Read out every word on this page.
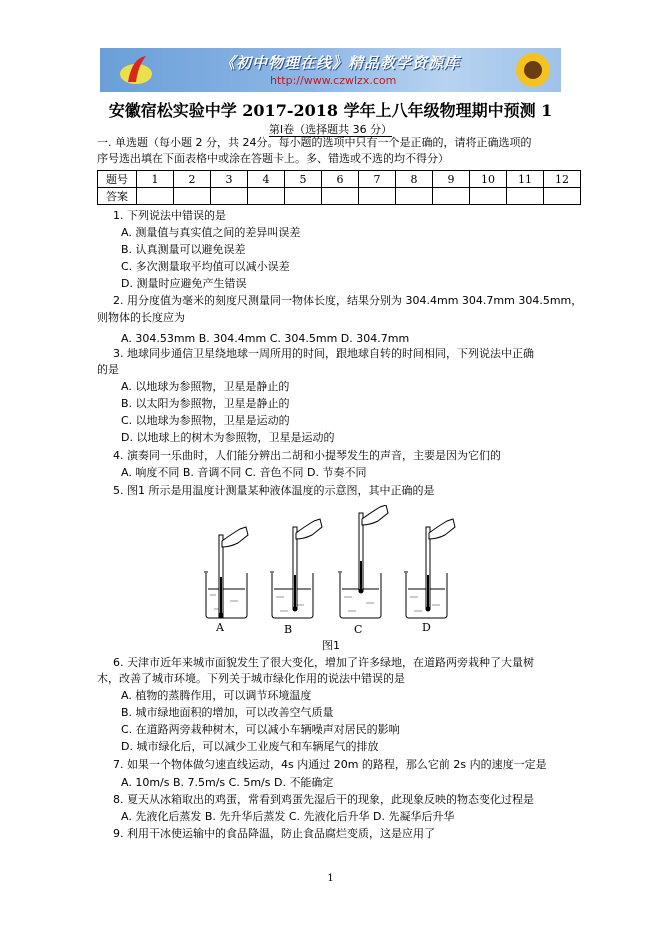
《初中物理在线》精品教学资源库
http://www.czwlzx.com
安徽宿松实验中学 2017-2018 学年上八年级物理期中预测 1
第Ⅰ卷（选择题共 36 分）
一. 单选题（每小题 2 分，共 24分。每小题的选项中只有一个是正确的，请将正确选项的
序号选出填在下面表格中或涂在答题卡上。多、错选或不选的均不得分）
题号	1	2	3	4	5	6	7	8	9	10	11	12
答案												
1. 下列说法中错误的是
A. 测量值与真实值之间的差异叫误差
B. 认真测量可以避免误差
C. 多次测量取平均值可以减小误差
D. 测量时应避免产生错误
2. 用分度值为毫米的刻度尺测量同一物体长度，结果分别为 304.4mm 304.7mm 304.5mm，
则物体的长度应为
A. 304.53mm B. 304.4mm C. 304.5mm D. 304.7mm
3. 地球同步通信卫星绕地球一周所用的时间，跟地球自转的时间相同，下列说法中正确
的是
A. 以地球为参照物，卫星是静止的
B. 以太阳为参照物，卫星是静止的
C. 以地球为参照物，卫星是运动的
D. 以地球上的树木为参照物，卫星是运动的
4. 演奏同一乐曲时，人们能分辨出二胡和小提琴发生的声音，主要是因为它们的
A. 响度不同 B. 音调不同 C. 音色不同 D. 节奏不同
5. 图1 所示是用温度计测量某种液体温度的示意图，其中正确的是
A	B	C	D
图1
6. 天津市近年来城市面貌发生了很大变化，增加了许多绿地，在道路两旁栽种了大量树
木，改善了城市环境。下列关于城市绿化作用的说法中错误的是
A. 植物的蒸腾作用，可以调节环境温度
B. 城市绿地面积的增加，可以改善空气质量
C. 在道路两旁栽种树木，可以减小车辆噪声对居民的影响
D. 城市绿化后，可以减少工业废气和车辆尾气的排放
7. 如果一个物体做匀速直线运动，4s 内通过 20m 的路程，那么它前 2s 内的速度一定是
A. 10m/s B. 7.5m/s C. 5m/s D. 不能确定
8. 夏天从冰箱取出的鸡蛋，常看到鸡蛋先湿后干的现象，此现象反映的物态变化过程是
A. 先液化后蒸发 B. 先升华后蒸发 C. 先液化后升华 D. 先凝华后升华
9. 利用干冰使运输中的食品降温，防止食品腐烂变质，这是应用了
1
